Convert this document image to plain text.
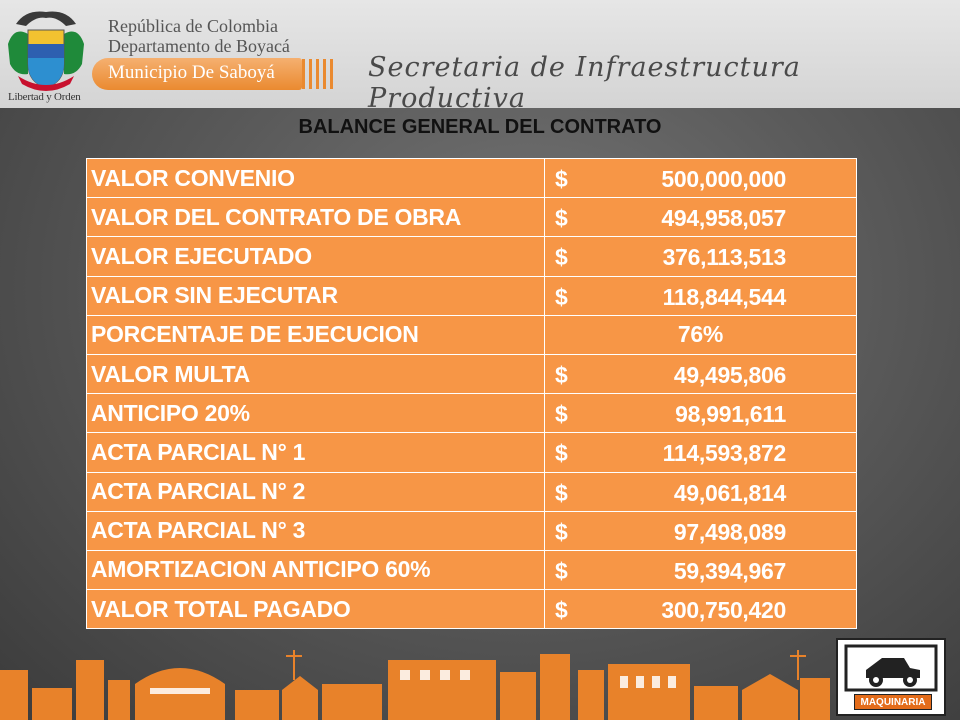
Libertad y Orden
República de Colombia
Departamento de Boyacá
Municipio De Saboyá	Secretaria de Infraestructura Productiva
BALANCE GENERAL DEL CONTRATO
VALOR CONVENIO	$ 500,000,000

VALOR DEL CONTRATO DE OBRA	$ 494,958,057

VALOR EJECUTADO	$ 376,113,513

VALOR SIN EJECUTAR	$ 118,844,544

PORCENTAJE DE EJECUCION	76%
VALOR MULTA	$ 49,495,806

ANTICIPO 20%	$ 98,991,611

ACTA PARCIAL N° 1	$ 114,593,872

ACTA PARCIAL N° 2	$ 49,061,814

ACTA PARCIAL N° 3	$ 97,498,089

AMORTIZACION ANTICIPO 60%	$ 59,394,967

VALOR TOTAL PAGADO	$ 300,750,420
MAQUINARIA
